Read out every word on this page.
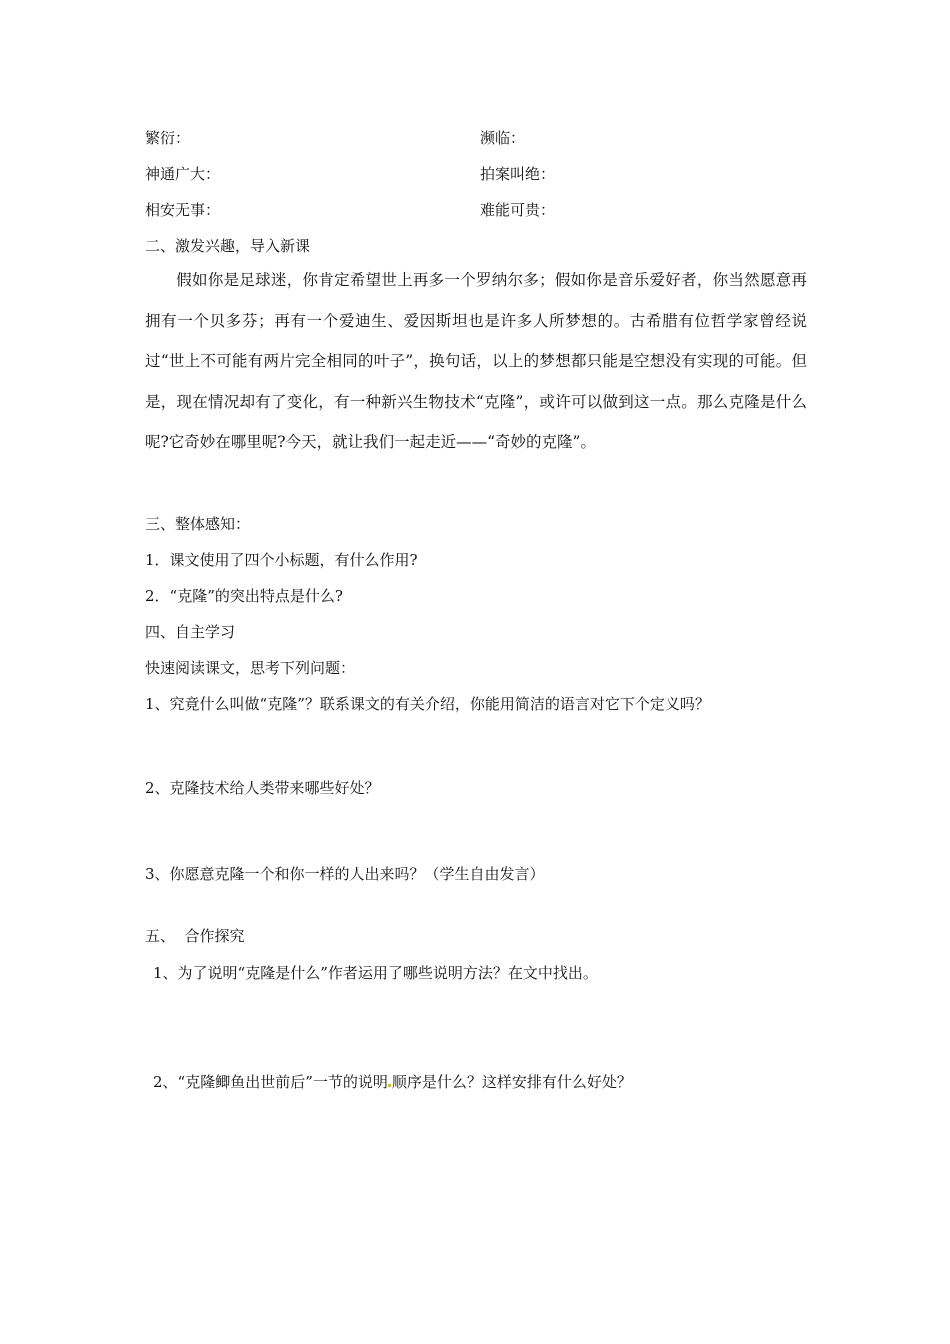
繁衍：	濒临：
神通广大：	拍案叫绝：
相安无事：	难能可贵：
二、激发兴趣，导入新课
假如你是足球迷，你肯定希望世上再多一个罗纳尔多；假如你是音乐爱好者，你当然愿意再拥有一个贝多芬；再有一个爱迪生、爱因斯坦也是许多人所梦想的。古希腊有位哲学家曾经说过“世上不可能有两片完全相同的叶子”，换句话，以上的梦想都只能是空想没有实现的可能。但是，现在情况却有了变化，有一种新兴生物技术“克隆”，或许可以做到这一点。那么克隆是什么呢?它奇妙在哪里呢?今天，就让我们一起走近——“奇妙的克隆”。
三、整体感知：
1．课文使用了四个小标题，有什么作用?
2．“克隆”的突出特点是什么?
四、自主学习
快速阅读课文，思考下列问题：
1、究竟什么叫做“克隆”？联系课文的有关介绍，你能用简洁的语言对它下个定义吗？
2、克隆技术给人类带来哪些好处？
3、你愿意克隆一个和你一样的人出来吗？（学生自由发言）
五、  合作探究
1、为了说明“克隆是什么”作者运用了哪些说明方法？在文中找出。
2、“克隆鲫鱼出世前后”一节的说明 顺序是什么？这样安排有什么好处？
